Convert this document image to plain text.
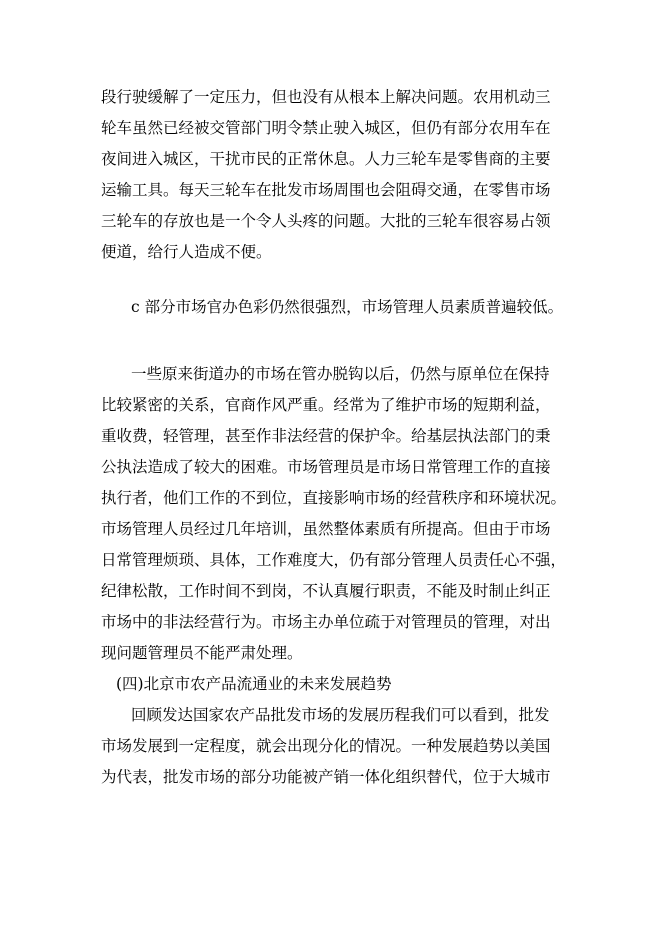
段行驶缓解了一定压力，但也没有从根本上解决问题。农用机动三
轮车虽然已经被交管部门明令禁止驶入城区，但仍有部分农用车在
夜间进入城区，干扰市民的正常休息。人力三轮车是零售商的主要
运输工具。每天三轮车在批发市场周围也会阻碍交通，在零售市场
三轮车的存放也是一个令人头疼的问题。大批的三轮车很容易占领
便道，给行人造成不便。
c 部分市场官办色彩仍然很强烈，市场管理人员素质普遍较低。
一些原来街道办的市场在管办脱钩以后，仍然与原单位在保持
比较紧密的关系，官商作风严重。经常为了维护市场的短期利益，
重收费，轻管理，甚至作非法经营的保护伞。给基层执法部门的秉
公执法造成了较大的困难。市场管理员是市场日常管理工作的直接
执行者，他们工作的不到位，直接影响市场的经营秩序和环境状况。
市场管理人员经过几年培训，虽然整体素质有所提高。但由于市场
日常管理烦琐、具体，工作难度大，仍有部分管理人员责任心不强，
纪律松散，工作时间不到岗，不认真履行职责，不能及时制止纠正
市场中的非法经营行为。市场主办单位疏于对管理员的管理，对出
现问题管理员不能严肃处理。
(四)北京市农产品流通业的未来发展趋势
回顾发达国家农产品批发市场的发展历程我们可以看到，批发
市场发展到一定程度，就会出现分化的情况。一种发展趋势以美国
为代表，批发市场的部分功能被产销一体化组织替代，位于大城市
